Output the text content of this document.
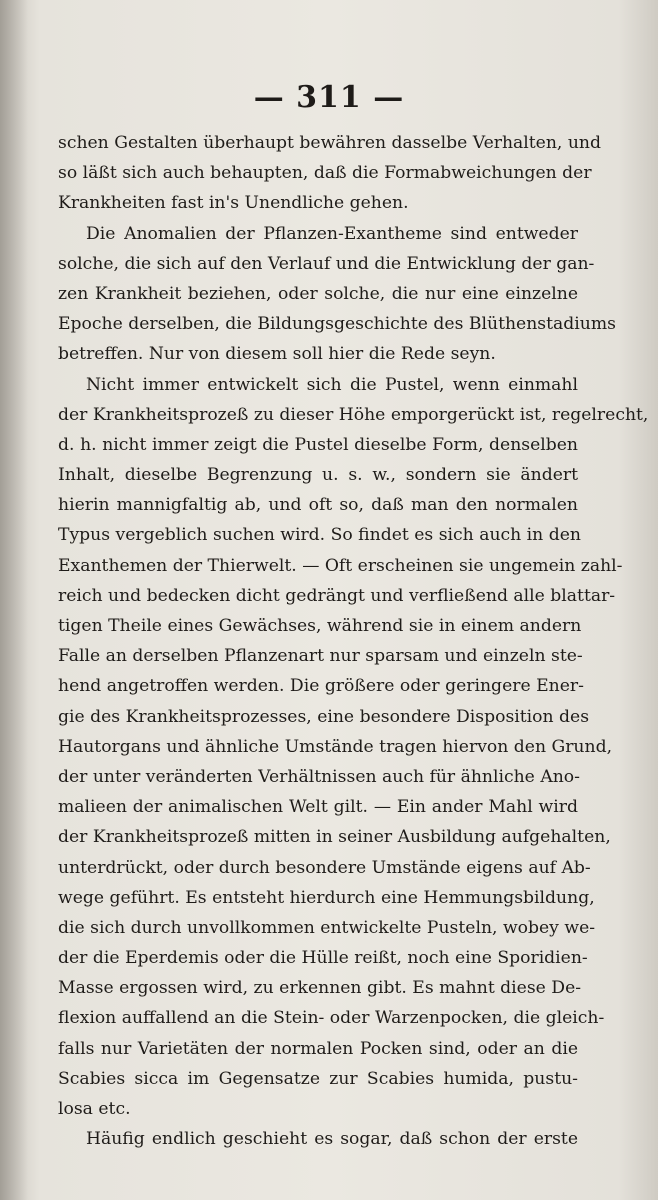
— 311 —
schen Gestalten überhaupt bewähren dasselbe Verhalten, und
so läßt sich auch behaupten, daß die Formabweichungen der
Krankheiten fast in's Unendliche gehen.
Die Anomalien der Pflanzen-Exantheme sind entweder
solche, die sich auf den Verlauf und die Entwicklung der gan-
zen Krankheit beziehen, oder solche, die nur eine einzelne
Epoche derselben, die Bildungsgeschichte des Blüthenstadiums
betreffen. Nur von diesem soll hier die Rede seyn.
Nicht immer entwickelt sich die Pustel, wenn einmahl
der Krankheitsprozeß zu dieser Höhe emporgerückt ist, regelrecht,
d. h. nicht immer zeigt die Pustel dieselbe Form, denselben
Inhalt, dieselbe Begrenzung u. s. w., sondern sie ändert
hierin mannigfaltig ab, und oft so, daß man den normalen
Typus vergeblich suchen wird. So findet es sich auch in den
Exanthemen der Thierwelt. — Oft erscheinen sie ungemein zahl-
reich und bedecken dicht gedrängt und verfließend alle blattar-
tigen Theile eines Gewächses, während sie in einem andern
Falle an derselben Pflanzenart nur sparsam und einzeln ste-
hend angetroffen werden. Die größere oder geringere Ener-
gie des Krankheitsprozesses, eine besondere Disposition des
Hautorgans und ähnliche Umstände tragen hiervon den Grund,
der unter veränderten Verhältnissen auch für ähnliche Ano-
malieen der animalischen Welt gilt. — Ein ander Mahl wird
der Krankheitsprozeß mitten in seiner Ausbildung aufgehalten,
unterdrückt, oder durch besondere Umstände eigens auf Ab-
wege geführt. Es entsteht hierdurch eine Hemmungsbildung,
die sich durch unvollkommen entwickelte Pusteln, wobey we-
der die Eperdemis oder die Hülle reißt, noch eine Sporidien-
Masse ergossen wird, zu erkennen gibt. Es mahnt diese De-
flexion auffallend an die Stein- oder Warzenpocken, die gleich-
falls nur Varietäten der normalen Pocken sind, oder an die
Scabies sicca im Gegensatze zur Scabies humida, pustu-
losa etc.
Häufig endlich geschieht es sogar, daß schon der erste
